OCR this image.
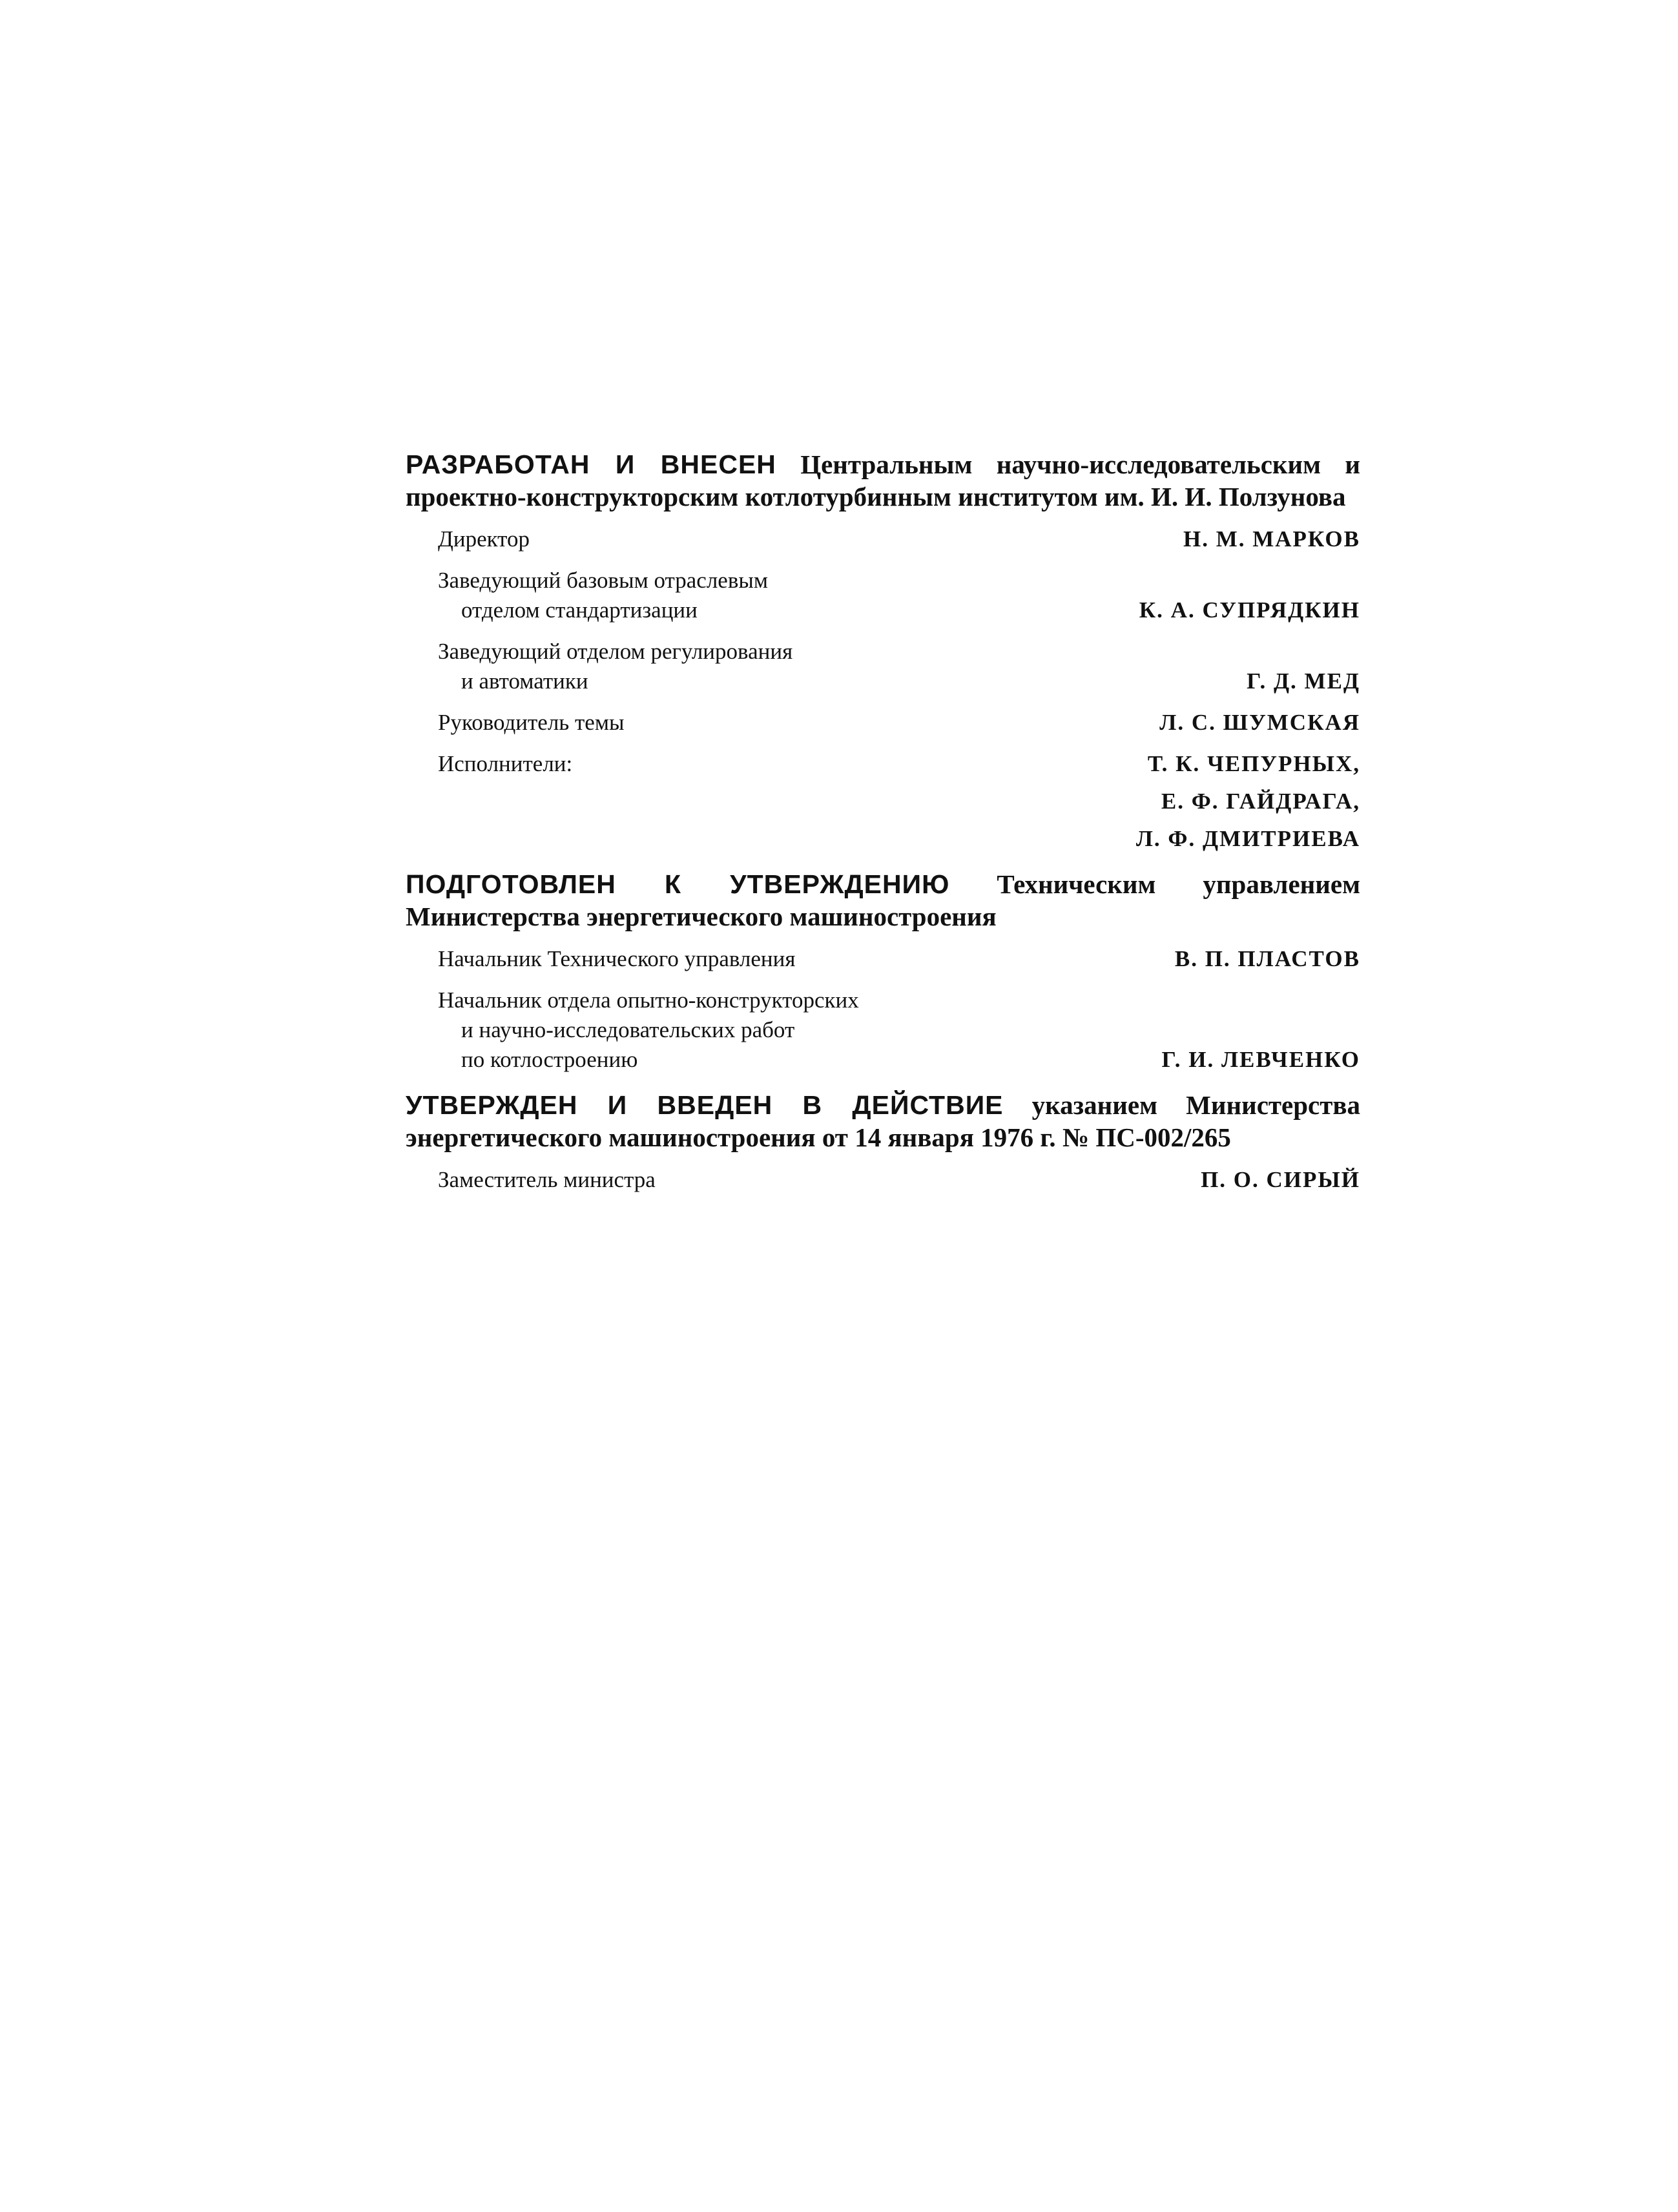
РАЗРАБОТАН И ВНЕСЕН Центральным научно-исследовательским и проектно-конструкторским котлотурбинным институтом им. И. И. Ползунова

Директор	Н. М. МАРКОВ
Заведующий базовым отраслевым
отделом стандартизации	К. А. СУПРЯДКИН
Заведующий отделом регулирования
и автоматики	Г. Д. МЕД
Руководитель темы	Л. С. ШУМСКАЯ
Исполнители:	Т. К. ЧЕПУРНЫХ,
Е. Ф. ГАЙДРАГА,
Л. Ф. ДМИТРИЕВА

ПОДГОТОВЛЕН К УТВЕРЖДЕНИЮ Техническим управлением Министерства энергетического машиностроения

Начальник Технического управления	В. П. ПЛАСТОВ
Начальник отдела опытно-конструкторских
и научно-исследовательских работ
по котлостроению	Г. И. ЛЕВЧЕНКО

УТВЕРЖДЕН И ВВЕДЕН В ДЕЙСТВИЕ указанием Министерства энергетического машиностроения от 14 января 1976 г. № ПС-002/265

Заместитель министра	П. О. СИРЫЙ
